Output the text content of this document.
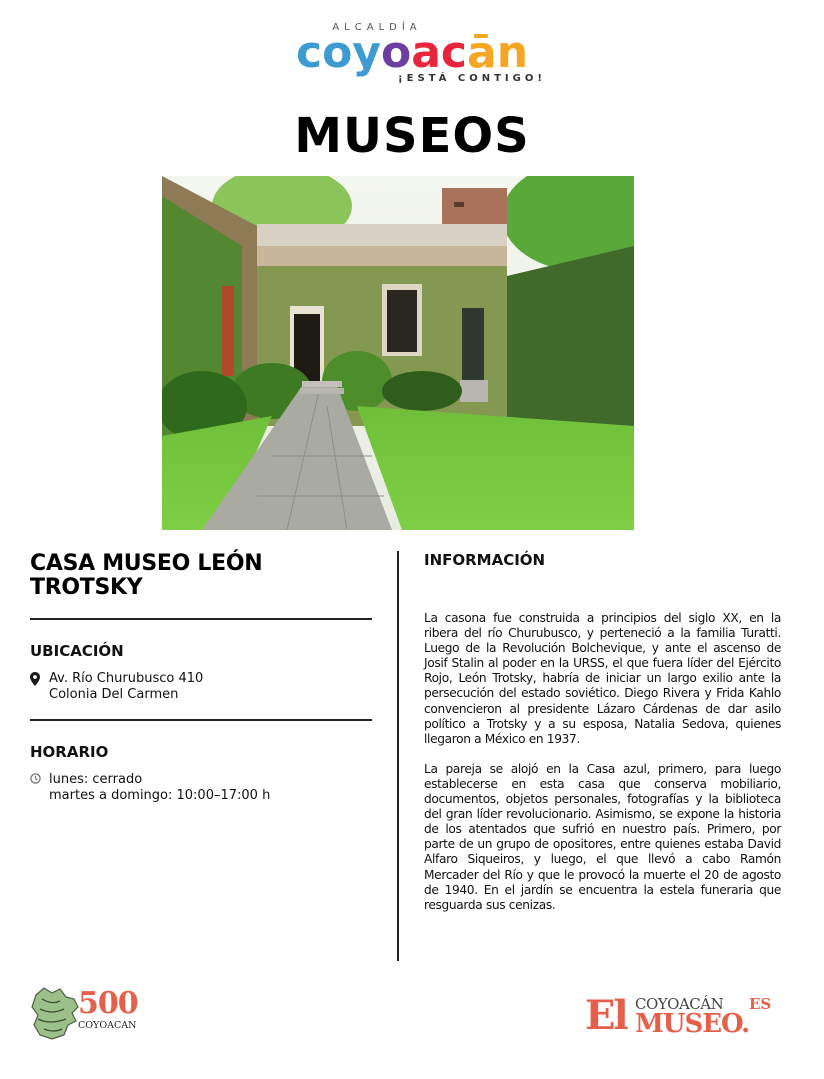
ALCALDÍA
coyoacān
¡ESTÁ CONTIGO!
MUSEOS
CASA MUSEO LEÓN
TROTSKY
UBICACIÓN
Av. Río Churubusco 410
Colonia Del Carmen
HORARIO
lunes: cerrado
martes a domingo: 10:00–17:00 h
INFORMACIÓN

La casona fue construida a principios del siglo XX, en la ribera del río Churubusco, y perteneció a la familia Turatti. Luego de la Revolución Bolchevique, y ante el ascenso de Josif Stalin al poder en la URSS, el que fuera líder del Ejército Rojo, León Trotsky, habría de iniciar un largo exilio ante la persecución del estado soviético. Diego Rivera y Frida Kahlo convencieron al presidente Lázaro Cárdenas de dar asilo político a Trotsky y a su esposa, Natalia Sedova, quienes llegaron a México en 1937.

La pareja se alojó en la Casa azul, primero, para luego establecerse en esta casa que conserva mobiliario, documentos, objetos personales, fotografías y la biblioteca del gran líder revolucionario. Asimismo, se expone la historia de los atentados que sufrió en nuestro país. Primero, por parte de un grupo de opositores, entre quienes estaba David Alfaro Siqueiros, y luego, el que llevó a cabo Ramón Mercader del Río y que le provocó la muerte el 20 de agosto de 1940. En el jardín se encuentra la estela funeraria que resguarda sus cenizas.

500
COYOACAN	El COYOACÁN ES
MUSEO.
